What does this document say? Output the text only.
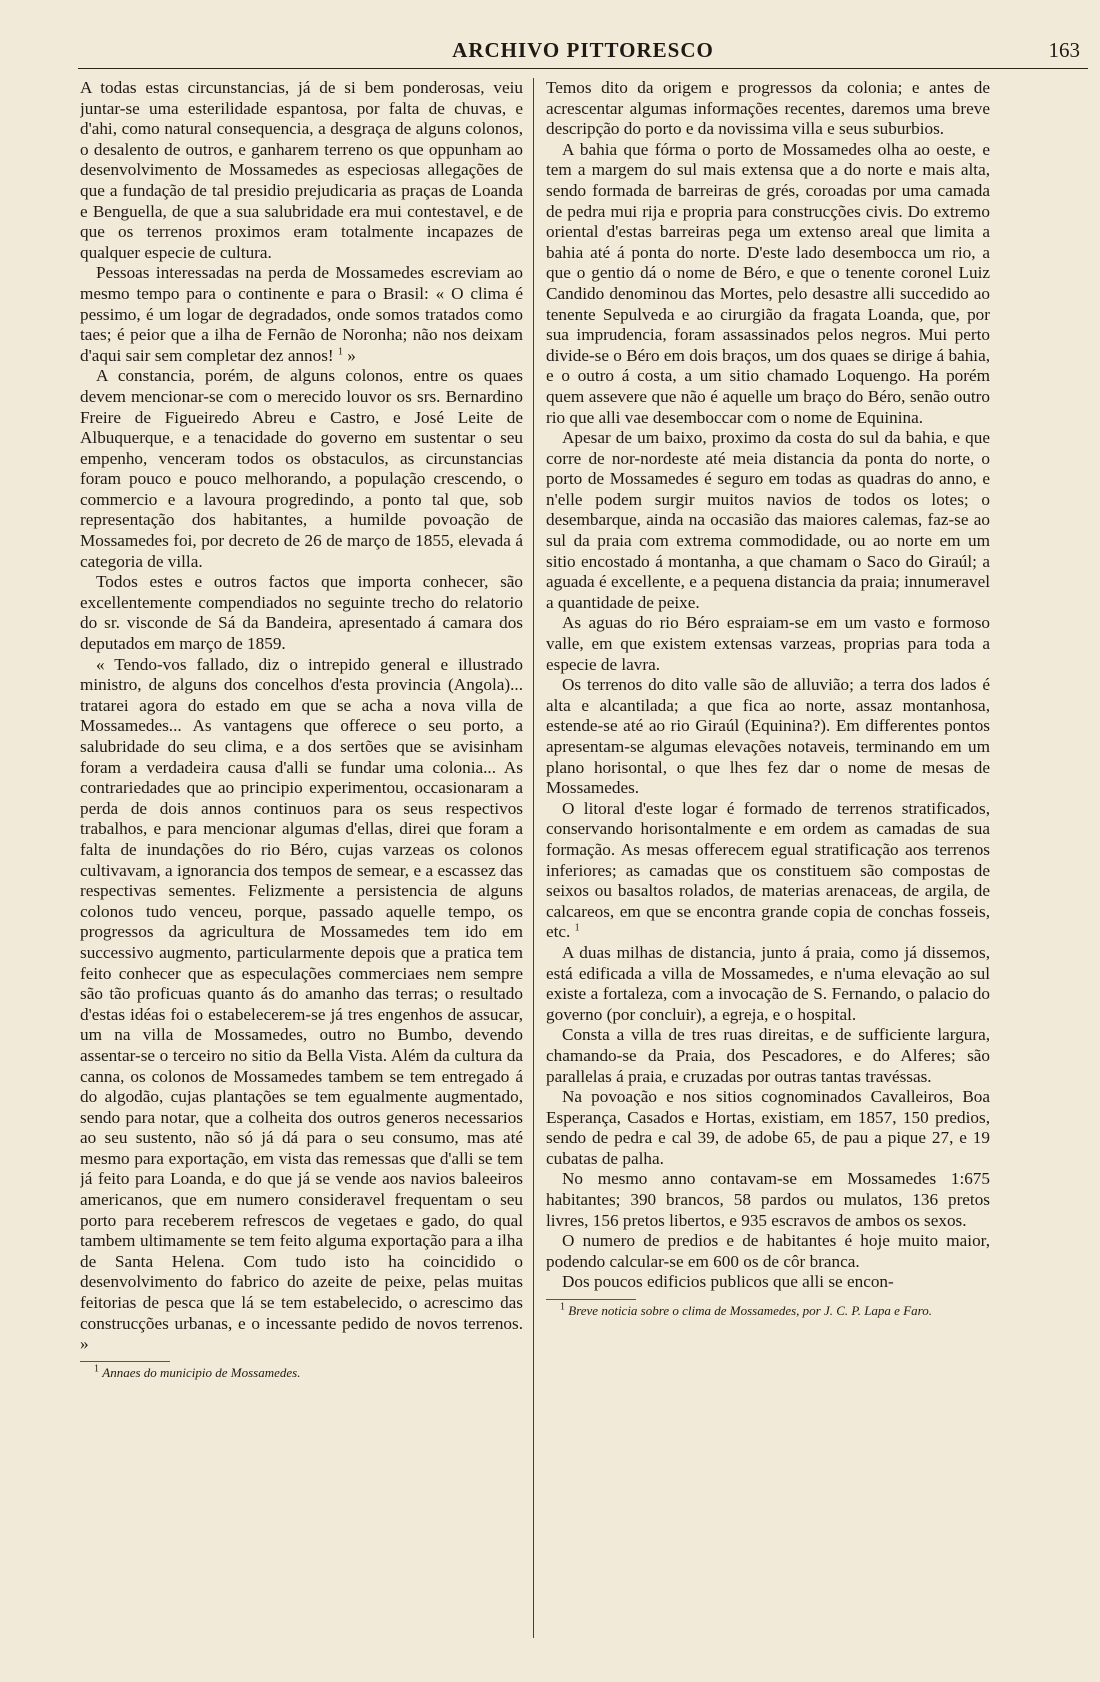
ARCHIVO PITTORESCO	163

A todas estas circunstancias, já de si bem ponderosas, veiu juntar-se uma esterilidade espantosa, por falta de chuvas, e d'ahi, como natural consequencia, a desgraça de alguns colonos, o desalento de outros, e ganharem terreno os que oppunham ao desenvolvimento de Mossamedes as especiosas allegações de que a fundação de tal presidio prejudicaria as praças de Loanda e Benguella, de que a sua salubridade era mui contestavel, e de que os terrenos proximos eram totalmente incapazes de qualquer especie de cultura.

Pessoas interessadas na perda de Mossamedes escreviam ao mesmo tempo para o continente e para o Brasil: « O clima é pessimo, é um logar de degradados, onde somos tratados como taes; é peior que a ilha de Fernão de Noronha; não nos deixam d'aqui sair sem completar dez annos! $^1$ »

A constancia, porém, de alguns colonos, entre os quaes devem mencionar-se com o merecido louvor os srs. Bernardino Freire de Figueiredo Abreu e Castro, e José Leite de Albuquerque, e a tenacidade do governo em sustentar o seu empenho, venceram todos os obstaculos, as circunstancias foram pouco e pouco melhorando, a população crescendo, o commercio e a lavoura progredindo, a ponto tal que, sob representação dos habitantes, a humilde povoação de Mossamedes foi, por decreto de 26 de março de 1855, elevada á categoria de villa.

Todos estes e outros factos que importa conhecer, são excellentemente compendiados no seguinte trecho do relatorio do sr. visconde de Sá da Bandeira, apresentado á camara dos deputados em março de 1859.

« Tendo-vos fallado, diz o intrepido general e illustrado ministro, de alguns dos concelhos d'esta provincia (Angola)... tratarei agora do estado em que se acha a nova villa de Mossamedes... As vantagens que offerece o seu porto, a salubridade do seu clima, e a dos sertões que se avisinham foram a verdadeira causa d'alli se fundar uma colonia... As contrariedades que ao principio experimentou, occasionaram a perda de dois annos continuos para os seus respectivos trabalhos, e para mencionar algumas d'ellas, direi que foram a falta de inundações do rio Béro, cujas varzeas os colonos cultivavam, a ignorancia dos tempos de semear, e a escassez das respectivas sementes. Felizmente a persistencia de alguns colonos tudo venceu, porque, passado aquelle tempo, os progressos da agricultura de Mossamedes tem ido em successivo augmento, particularmente depois que a pratica tem feito conhecer que as especulações commerciaes nem sempre são tão proficuas quanto ás do amanho das terras; o resultado d'estas idéas foi o estabelecerem-se já tres engenhos de assucar, um na villa de Mossamedes, outro no Bumbo, devendo assentar-se o terceiro no sitio da Bella Vista. Além da cultura da canna, os colonos de Mossamedes tambem se tem entregado á do algodão, cujas plantações se tem egualmente augmentado, sendo para notar, que a colheita dos outros generos necessarios ao seu sustento, não só já dá para o seu consumo, mas até mesmo para exportação, em vista das remessas que d'alli se tem já feito para Loanda, e do que já se vende aos navios baleeiros americanos, que em numero consideravel frequentam o seu porto para receberem refrescos de vegetaes e gado, do qual tambem ultimamente se tem feito alguma exportação para a ilha de Santa Helena. Com tudo isto ha coincidido o desenvolvimento do fabrico do azeite de peixe, pelas muitas feitorias de pesca que lá se tem estabelecido, o acrescimo das construcções urbanas, e o incessante pedido de novos terrenos. »

$^1$ Annaes do municipio de Mossamedes.

Temos dito da origem e progressos da colonia; e antes de acrescentar algumas informações recentes, daremos uma breve descripção do porto e da novissima villa e seus suburbios.

A bahia que fórma o porto de Mossamedes olha ao oeste, e tem a margem do sul mais extensa que a do norte e mais alta, sendo formada de barreiras de grés, coroadas por uma camada de pedra mui rija e propria para construcções civis. Do extremo oriental d'estas barreiras pega um extenso areal que limita a bahia até á ponta do norte. D'este lado desembocca um rio, a que o gentio dá o nome de Béro, e que o tenente coronel Luiz Candido denominou das Mortes, pelo desastre alli succedido ao tenente Sepulveda e ao cirurgião da fragata Loanda, que, por sua imprudencia, foram assassinados pelos negros. Mui perto divide-se o Béro em dois braços, um dos quaes se dirige á bahia, e o outro á costa, a um sitio chamado Loquengo. Ha porém quem assevere que não é aquelle um braço do Béro, senão outro rio que alli vae desemboccar com o nome de Equinina.

Apesar de um baixo, proximo da costa do sul da bahia, e que corre de nor-nordeste até meia distancia da ponta do norte, o porto de Mossamedes é seguro em todas as quadras do anno, e n'elle podem surgir muitos navios de todos os lotes; o desembarque, ainda na occasião das maiores calemas, faz-se ao sul da praia com extrema commodidade, ou ao norte em um sitio encostado á montanha, a que chamam o Saco do Giraúl; a aguada é excellente, e a pequena distancia da praia; innumeravel a quantidade de peixe.

As aguas do rio Béro espraiam-se em um vasto e formoso valle, em que existem extensas varzeas, proprias para toda a especie de lavra.

Os terrenos do dito valle são de alluvião; a terra dos lados é alta e alcantilada; a que fica ao norte, assaz montanhosa, estende-se até ao rio Giraúl (Equinina?). Em differentes pontos apresentam-se algumas elevações notaveis, terminando em um plano horisontal, o que lhes fez dar o nome de mesas de Mossamedes.

O litoral d'este logar é formado de terrenos stratificados, conservando horisontalmente e em ordem as camadas de sua formação. As mesas offerecem egual stratificação aos terrenos inferiores; as camadas que os constituem são compostas de seixos ou basaltos rolados, de materias arenaceas, de argila, de calcareos, em que se encontra grande copia de conchas fosseis, etc. $^1$

A duas milhas de distancia, junto á praia, como já dissemos, está edificada a villa de Mossamedes, e n'uma elevação ao sul existe a fortaleza, com a invocação de S. Fernando, o palacio do governo (por concluir), a egreja, e o hospital.

Consta a villa de tres ruas direitas, e de sufficiente largura, chamando-se da Praia, dos Pescadores, e do Alferes; são parallelas á praia, e cruzadas por outras tantas travéssas.

Na povoação e nos sitios cognominados Cavalleiros, Boa Esperança, Casados e Hortas, existiam, em 1857, 150 predios, sendo de pedra e cal 39, de adobe 65, de pau a pique 27, e 19 cubatas de palha.

No mesmo anno contavam-se em Mossamedes 1:675 habitantes; 390 brancos, 58 pardos ou mulatos, 136 pretos livres, 156 pretos libertos, e 935 escravos de ambos os sexos.

O numero de predios e de habitantes é hoje muito maior, podendo calcular-se em 600 os de côr branca.

Dos poucos edificios publicos que alli se encon-

$^1$ Breve noticia sobre o clima de Mossamedes, por J. C. P. Lapa e Faro.
